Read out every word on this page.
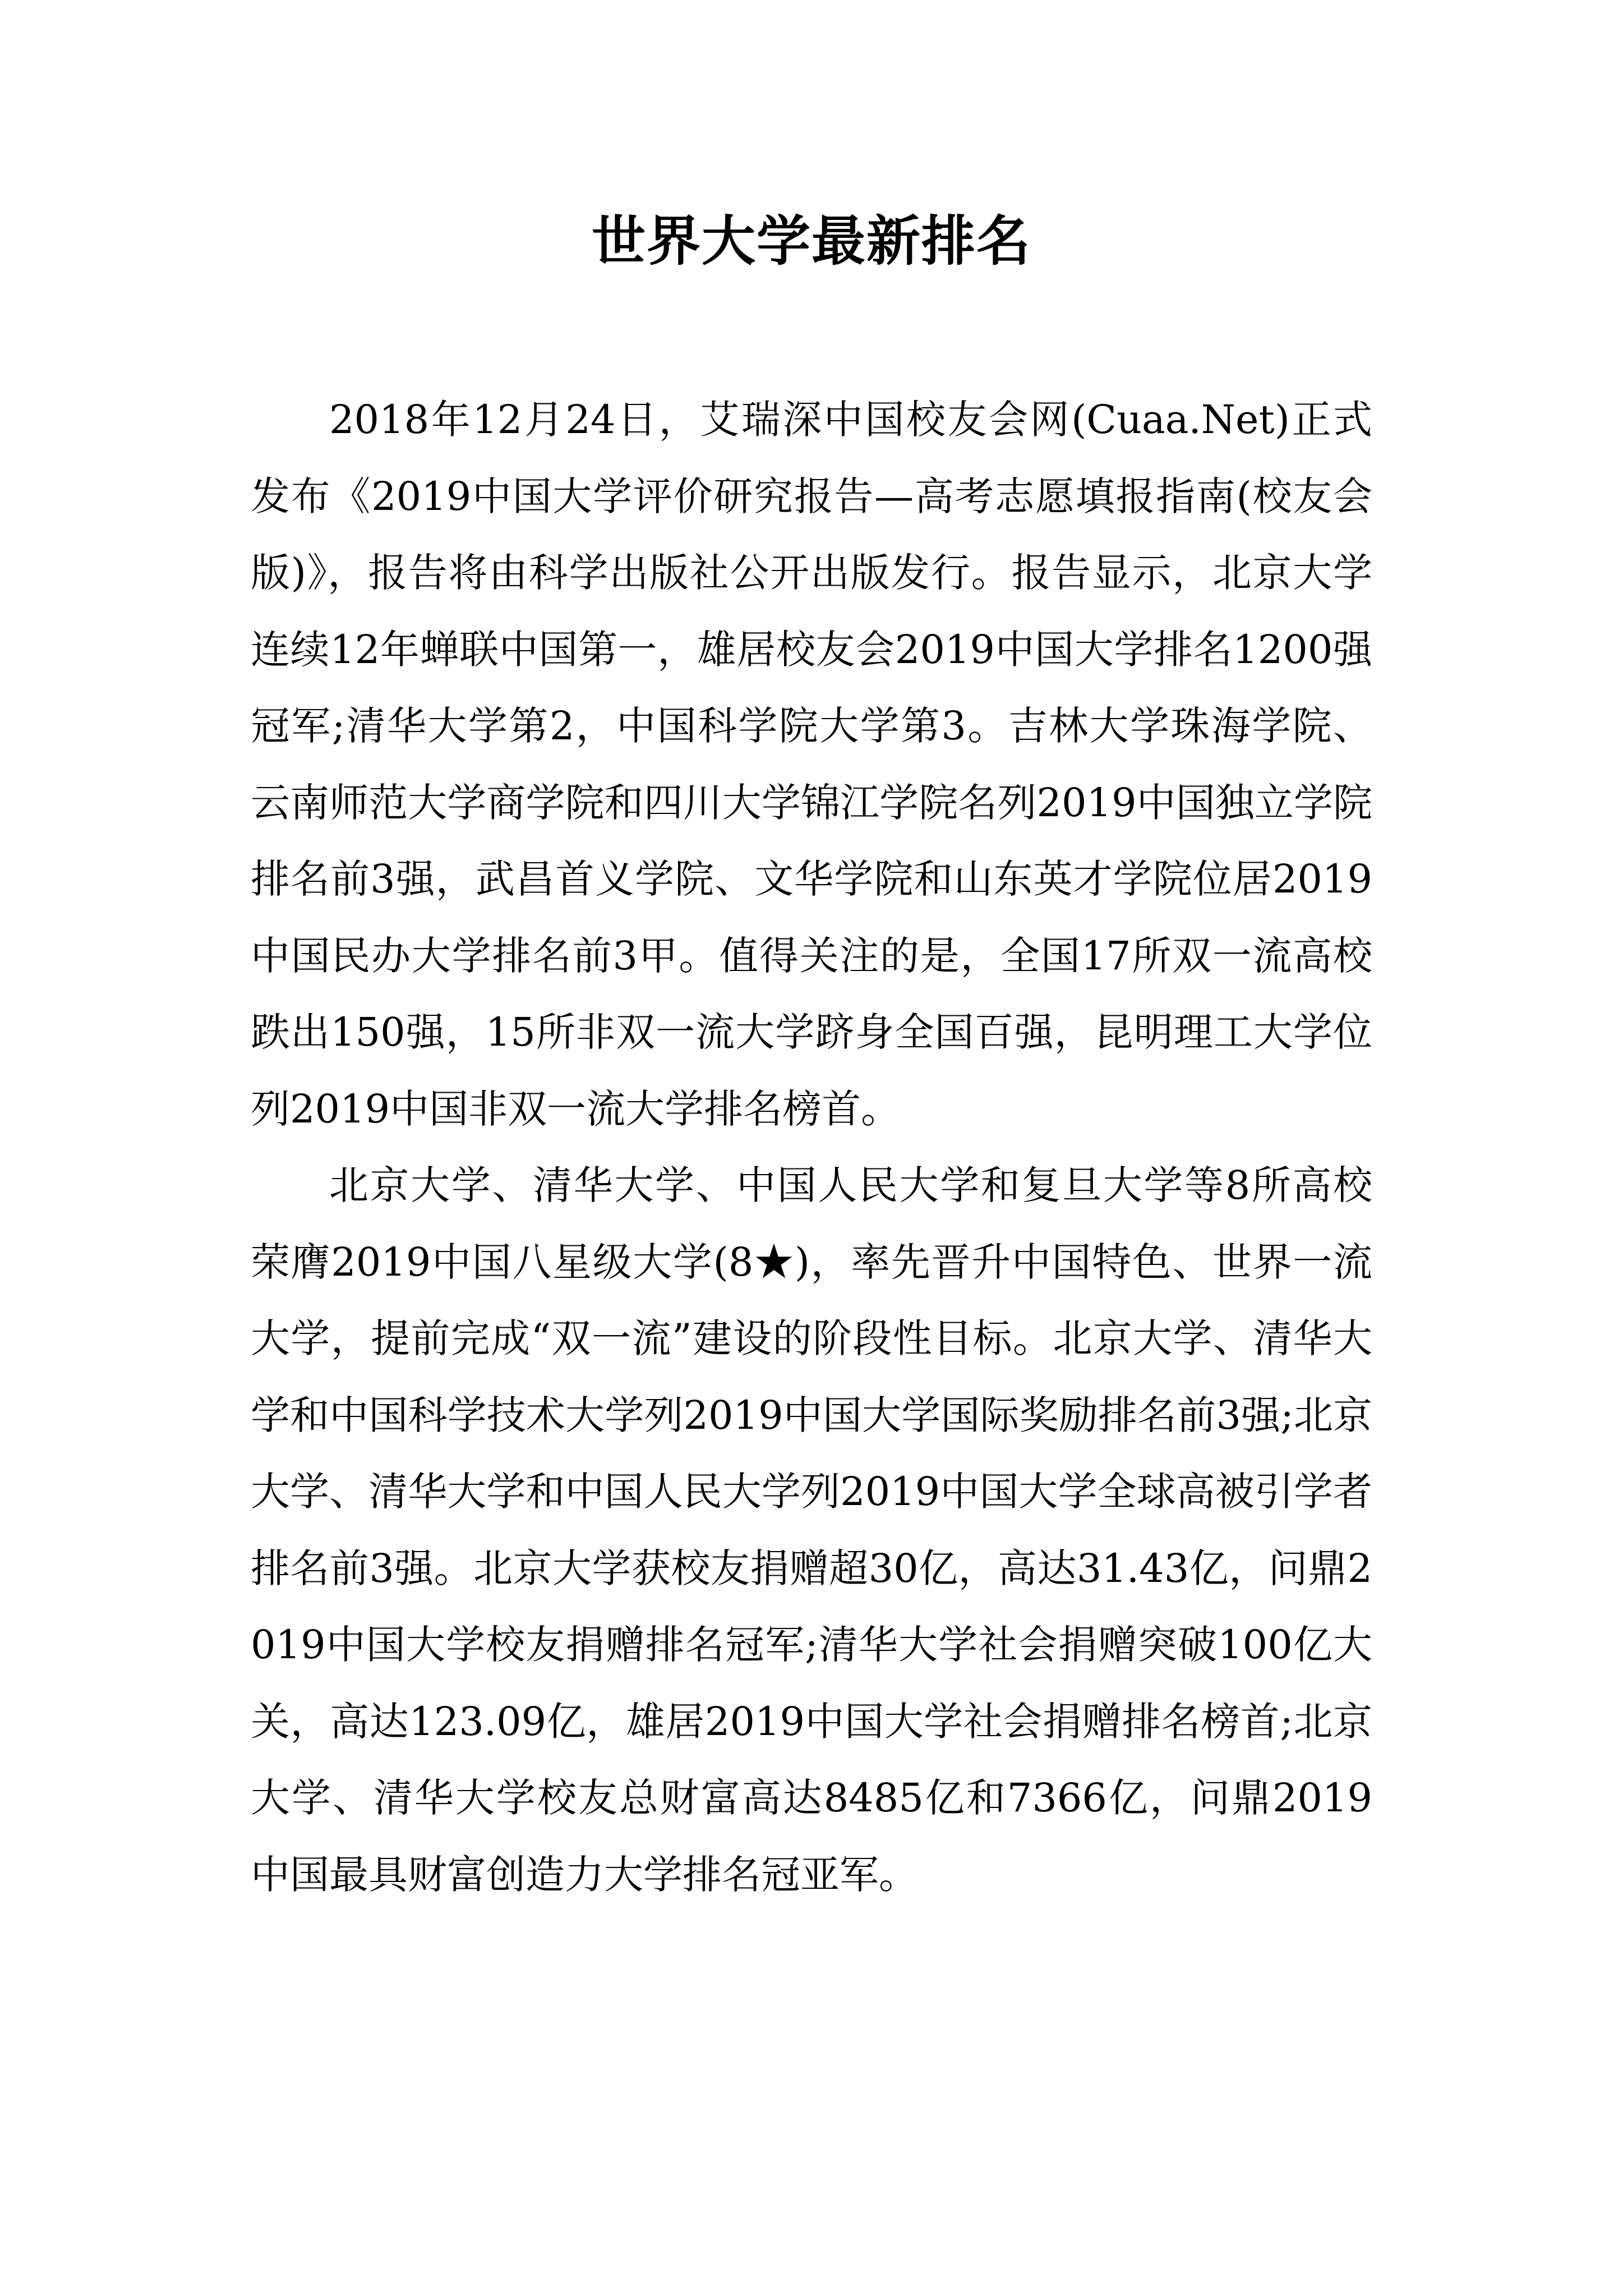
世界大学最新排名

2018年12月24日，艾瑞深中国校友会网(Cuaa.Net)正式发布《2019中国大学评价研究报告—高考志愿填报指南(校友会版)》，报告将由科学出版社公开出版发行。报告显示，北京大学连续12年蝉联中国第一，雄居校友会2019中国大学排名1200强冠军;清华大学第2，中国科学院大学第3。吉林大学珠海学院、云南师范大学商学院和四川大学锦江学院名列2019中国独立学院排名前3强，武昌首义学院、文华学院和山东英才学院位居2019中国民办大学排名前3甲。值得关注的是，全国17所双一流高校跌出150强，15所非双一流大学跻身全国百强，昆明理工大学位列2019中国非双一流大学排名榜首。

北京大学、清华大学、中国人民大学和复旦大学等8所高校荣膺2019中国八星级大学(8★)，率先晋升中国特色、世界一流大学，提前完成“双一流”建设的阶段性目标。北京大学、清华大学和中国科学技术大学列2019中国大学国际奖励排名前3强;北京大学、清华大学和中国人民大学列2019中国大学全球高被引学者排名前3强。北京大学获校友捐赠超30亿，高达31.43亿，问鼎2019中国大学校友捐赠排名冠军;清华大学社会捐赠突破100亿大关，高达123.09亿，雄居2019中国大学社会捐赠排名榜首;北京大学、清华大学校友总财富高达8485亿和7366亿，问鼎2019中国最具财富创造力大学排名冠亚军。
